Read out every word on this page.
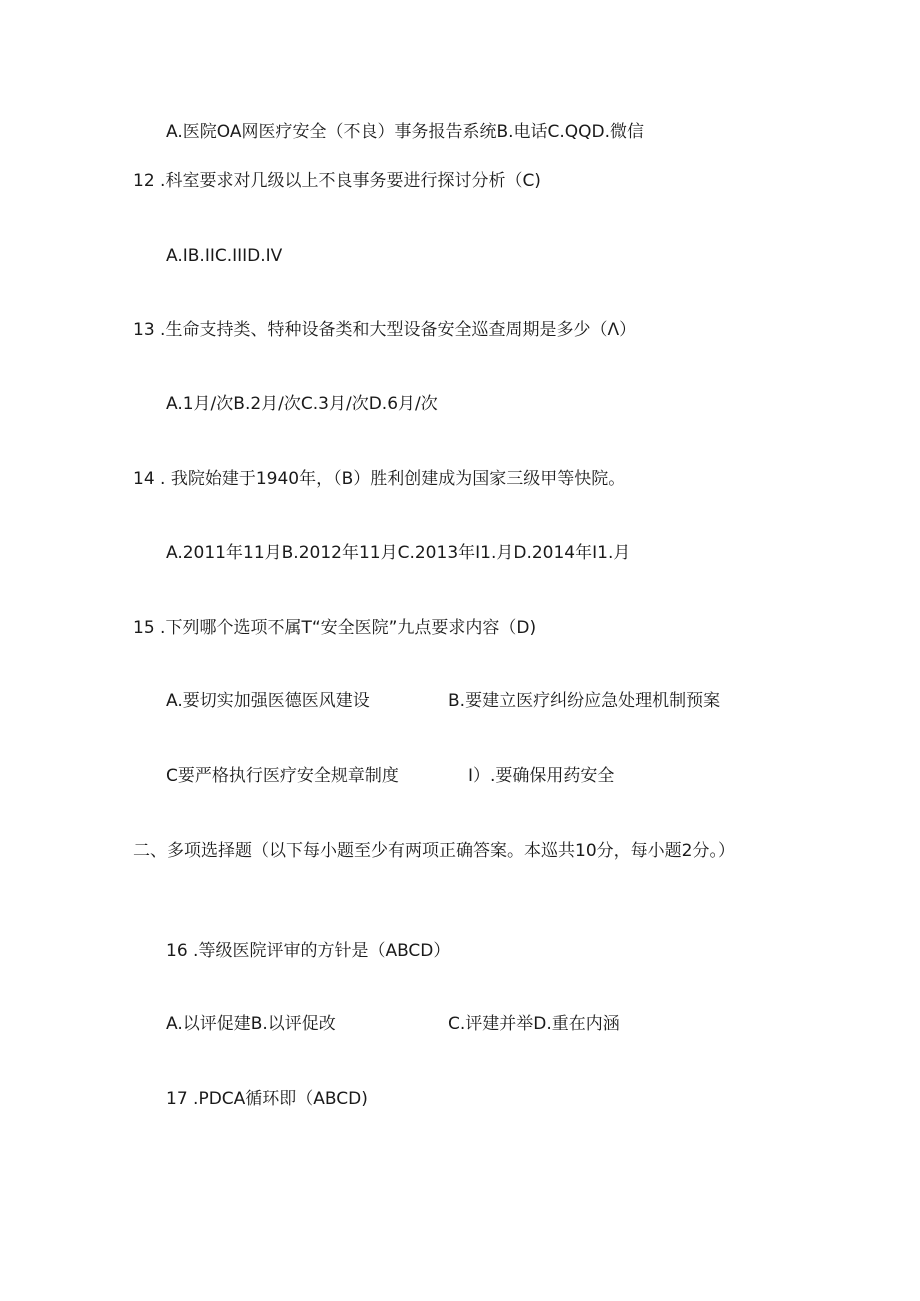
A.医院OA网医疗安全（不良）事务报告系统B.电话C.QQD.微信
12 .科室要求对几级以上不良事务要进行探讨分析（C)
A.IB.IIC.IIID.IV
13 .生命支持类、特种设备类和大型设备安全巡查周期是多少（Λ）
A.1月/次B.2月/次C.3月/次D.6月/次
14 . 我院始建于1940年，（B）胜利创建成为国家三级甲等快院。
A.2011年11月B.2012年11月C.2013年I1.月D.2014年I1.月
15 .下列哪个选项不属T“安全医院”九点要求内容（D)
A.要切实加强医德医风建设	B.要建立医疗纠纷应急处理机制预案
C要严格执行医疗安全规章制度	I）.要确保用药安全
二、多项选择题（以下每小题至少有两项正确答案。本巡共10分，每小题2分。）
16 .等级医院评审的方针是（ABCD）
A.以评促建B.以评促改	C.评建并举D.重在内涵
17 .PDCA循环即（ABCD)
